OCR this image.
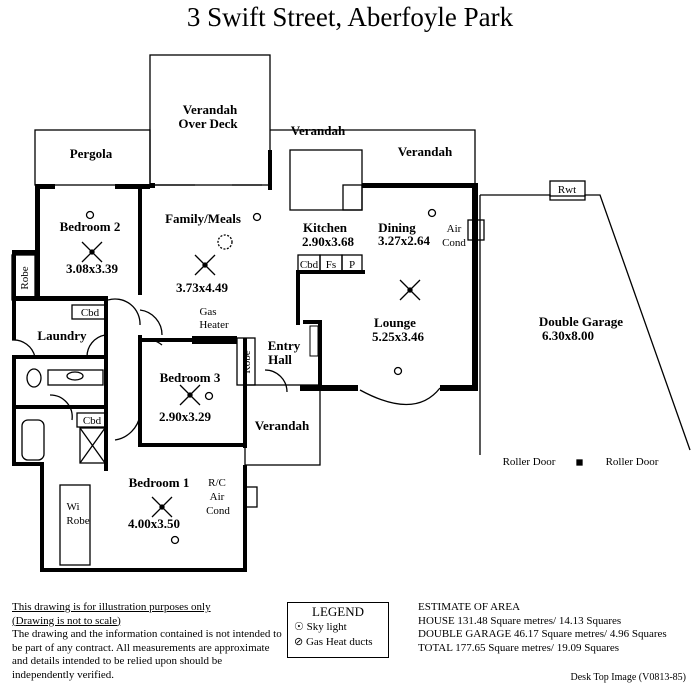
3 Swift Street, Aberfoyle Park
Verandah
Over Deck
Pergola
Verandah
Verandah
Bedroom 2
3.08x3.39
Family/Meals
3.73x4.49
Kitchen
2.90x3.68
Dining
3.27x2.64
Lounge
5.25x3.46
Laundry
Entry
Hall
Bedroom 3
2.90x3.29
Verandah
Bedroom 1
4.00x3.50
Double Garage
6.30x8.00
Air
Cond
Gas
Heater
Cbd
Cbd
Cbd Fs P
Rwt
Roller Door	Roller Door
R/C
Air
Cond
Wi
Robe
Robe
Robe
This drawing is for illustration purposes only
(Drawing is not to scale)
The drawing and the information contained is not intended to be part of any contract. All measurements are approximate and details intended to be relied upon should be independently verified.
LEGEND
☉ Sky light
⊘ Gas Heat ducts
ESTIMATE OF AREA
HOUSE 131.48 Square metres/ 14.13 Squares
DOUBLE GARAGE 46.17 Square metres/ 4.96 Squares
TOTAL 177.65 Square metres/ 19.09 Squares
Desk Top Image (V0813-85)
